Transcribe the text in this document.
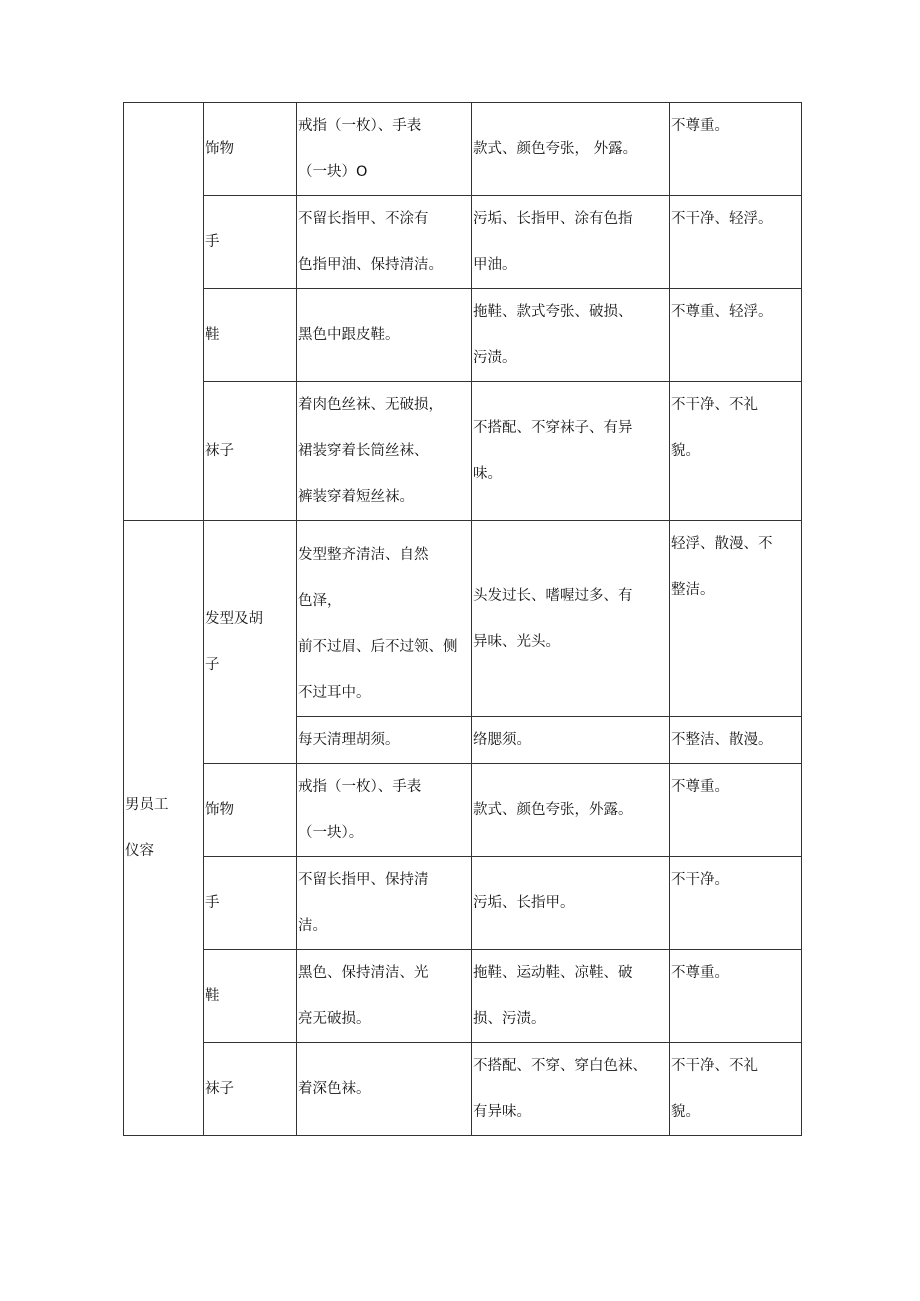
	饰物	戒指（一枚）、手表
（一块）O	款式、颜色夸张， 外露。	不尊重。

	手	不留长指甲、不涂有
色指甲油、保持清洁。	污垢、长指甲、涂有色指
甲油。	不干净、轻浮。

	鞋	黑色中跟皮鞋。	拖鞋、款式夸张、破损、
污渍。	不尊重、轻浮。

	袜子	着肉色丝袜、无破损，
裙装穿着长筒丝袜、
裤装穿着短丝袜。	不搭配、不穿袜子、有异
味。	不干净、不礼
貌。

男员工
仪容	发型及胡
子	发型整齐清洁、自然
色泽，
前不过眉、后不过领、侧
不过耳中。	头发过长、嗜喔过多、有
异味、光头。	轻浮、散漫、不
整洁。

		每天清理胡须。	络腮须。	不整洁、散漫。

	饰物	戒指（一枚）、手表
（一块）。	款式、颜色夸张，外露。	不尊重。

	手	不留长指甲、保持清
洁。	污垢、长指甲。	不干净。

	鞋	黑色、保持清洁、光
亮无破损。	拖鞋、运动鞋、凉鞋、破
损、污渍。	不尊重。

	袜子	着深色袜。	不搭配、不穿、穿白色袜、
有异味。	不干净、不礼
貌。
